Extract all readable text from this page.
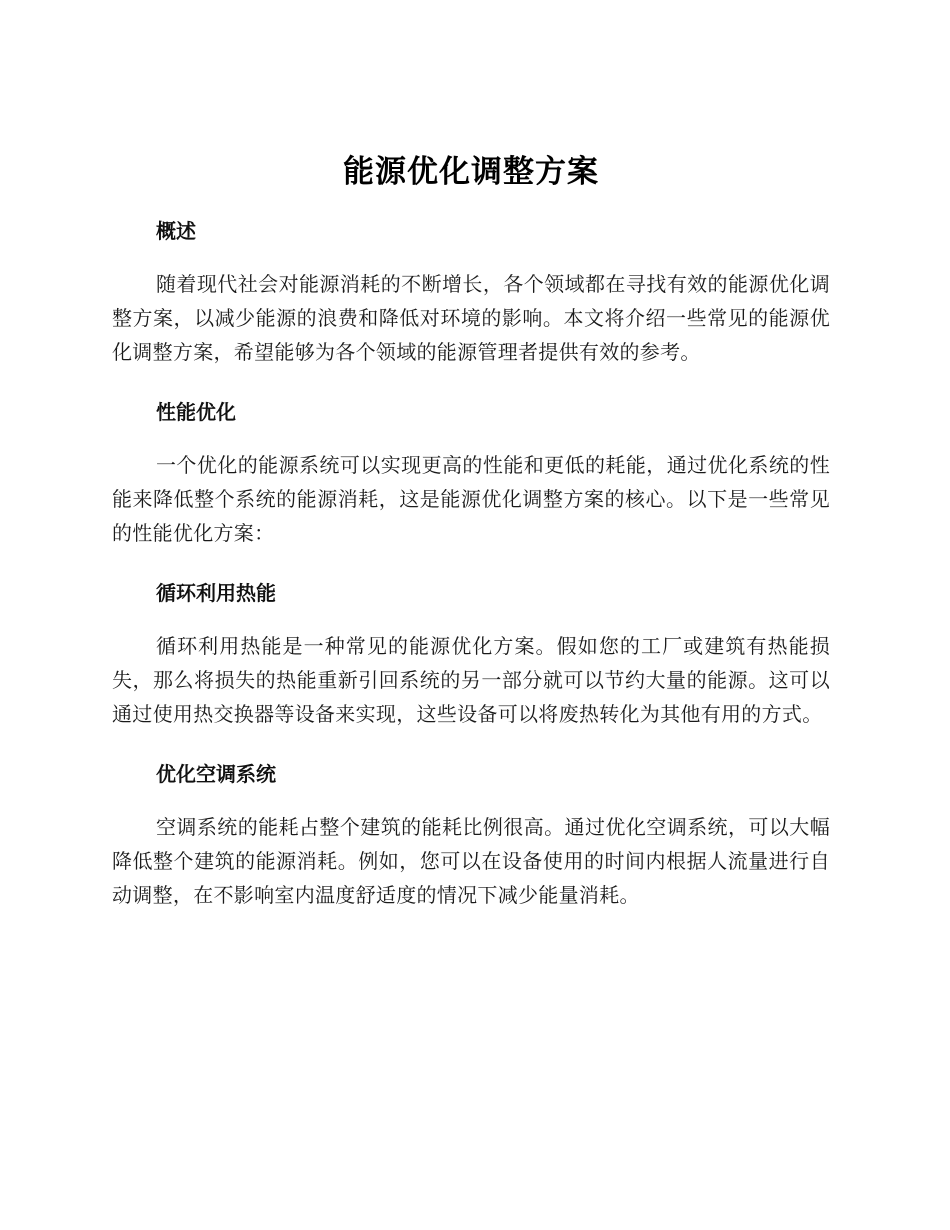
能源优化调整方案
概述

随着现代社会对能源消耗的不断增长，各个领域都在寻找有效的能源优化调整方案，以减少能源的浪费和降低对环境的影响。本文将介绍一些常见的能源优化调整方案，希望能够为各个领域的能源管理者提供有效的参考。

性能优化

一个优化的能源系统可以实现更高的性能和更低的耗能，通过优化系统的性能来降低整个系统的能源消耗，这是能源优化调整方案的核心。以下是一些常见的性能优化方案：

循环利用热能

循环利用热能是一种常见的能源优化方案。假如您的工厂或建筑有热能损失，那么将损失的热能重新引回系统的另一部分就可以节约大量的能源。这可以通过使用热交换器等设备来实现，这些设备可以将废热转化为其他有用的方式。

优化空调系统

空调系统的能耗占整个建筑的能耗比例很高。通过优化空调系统，可以大幅降低整个建筑的能源消耗。例如，您可以在设备使用的时间内根据人流量进行自动调整，在不影响室内温度舒适度的情况下减少能量消耗。
